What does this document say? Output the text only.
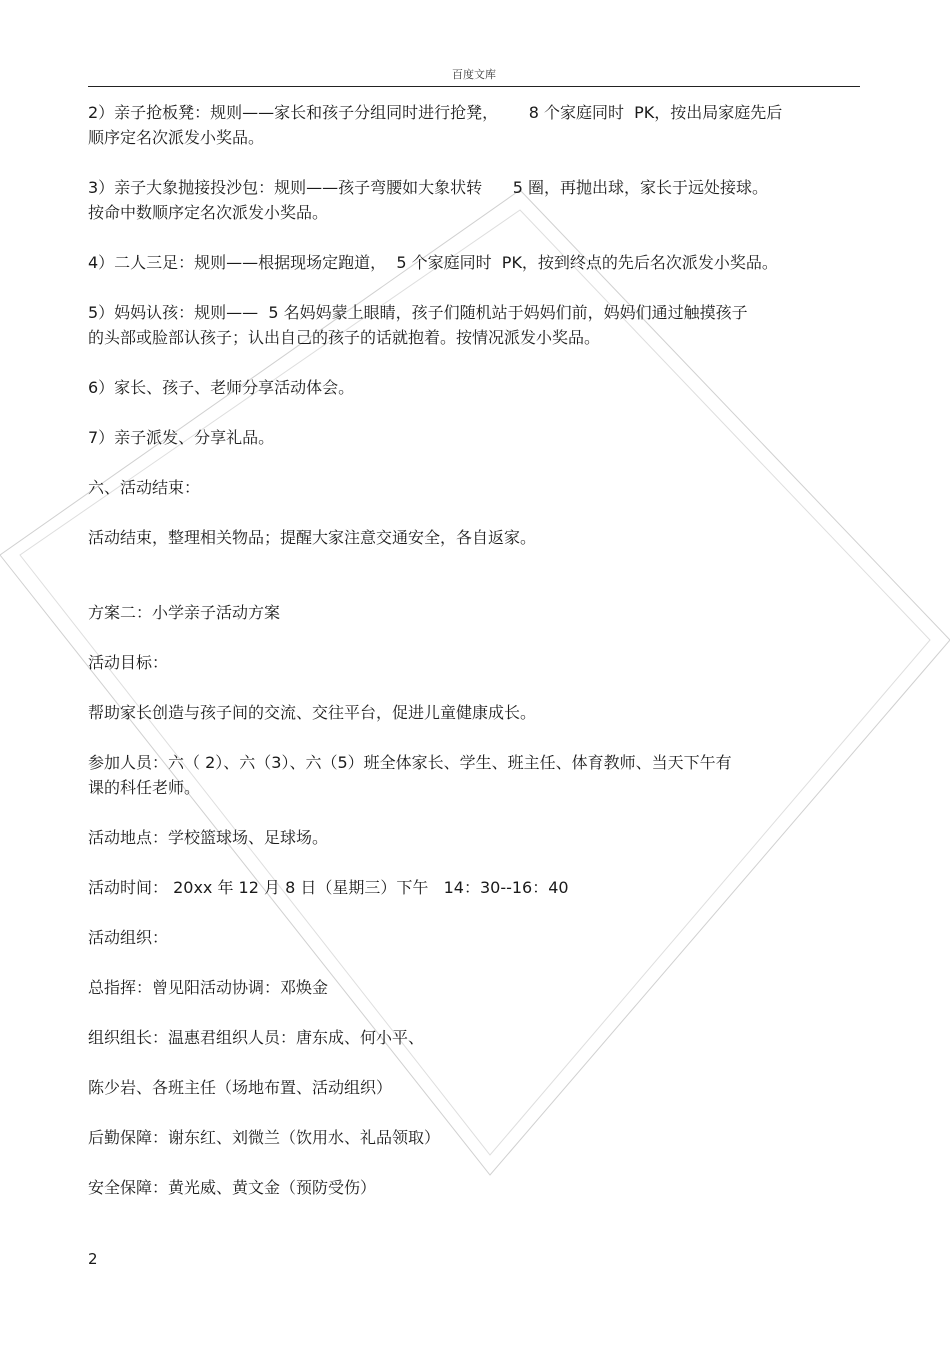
百度文库

2）亲子抢板凳：规则——家长和孩子分组同时进行抢凳，      8 个家庭同时  PK，按出局家庭先后
顺序定名次派发小奖品。

3）亲子大象抛接投沙包：规则——孩子弯腰如大象状转      5 圈，再抛出球，家长于远处接球。
按命中数顺序定名次派发小奖品。

4）二人三足：规则——根据现场定跑道，  5 个家庭同时  PK，按到终点的先后名次派发小奖品。

5）妈妈认孩：规则——  5 名妈妈蒙上眼睛，孩子们随机站于妈妈们前，妈妈们通过触摸孩子
的头部或脸部认孩子；认出自己的孩子的话就抱着。按情况派发小奖品。

6）家长、孩子、老师分享活动体会。

7）亲子派发、分享礼品。

六、活动结束：

活动结束，整理相关物品；提醒大家注意交通安全，各自返家。

方案二：小学亲子活动方案

活动目标：

帮助家长创造与孩子间的交流、交往平台，促进儿童健康成长。

参加人员：六（ 2）、六（3）、六（5）班全体家长、学生、班主任、体育教师、当天下午有
课的科任老师。

活动地点：学校篮球场、足球场。

活动时间： 20xx 年 12 月 8 日（星期三）下午   14：30--16：40

活动组织：

总指挥：曾见阳活动协调：邓焕金

组织组长：温惠君组织人员：唐东成、何小平、

陈少岩、各班主任（场地布置、活动组织）

后勤保障：谢东红、刘微兰（饮用水、礼品领取）

安全保障：黄光威、黄文金（预防受伤）

2
